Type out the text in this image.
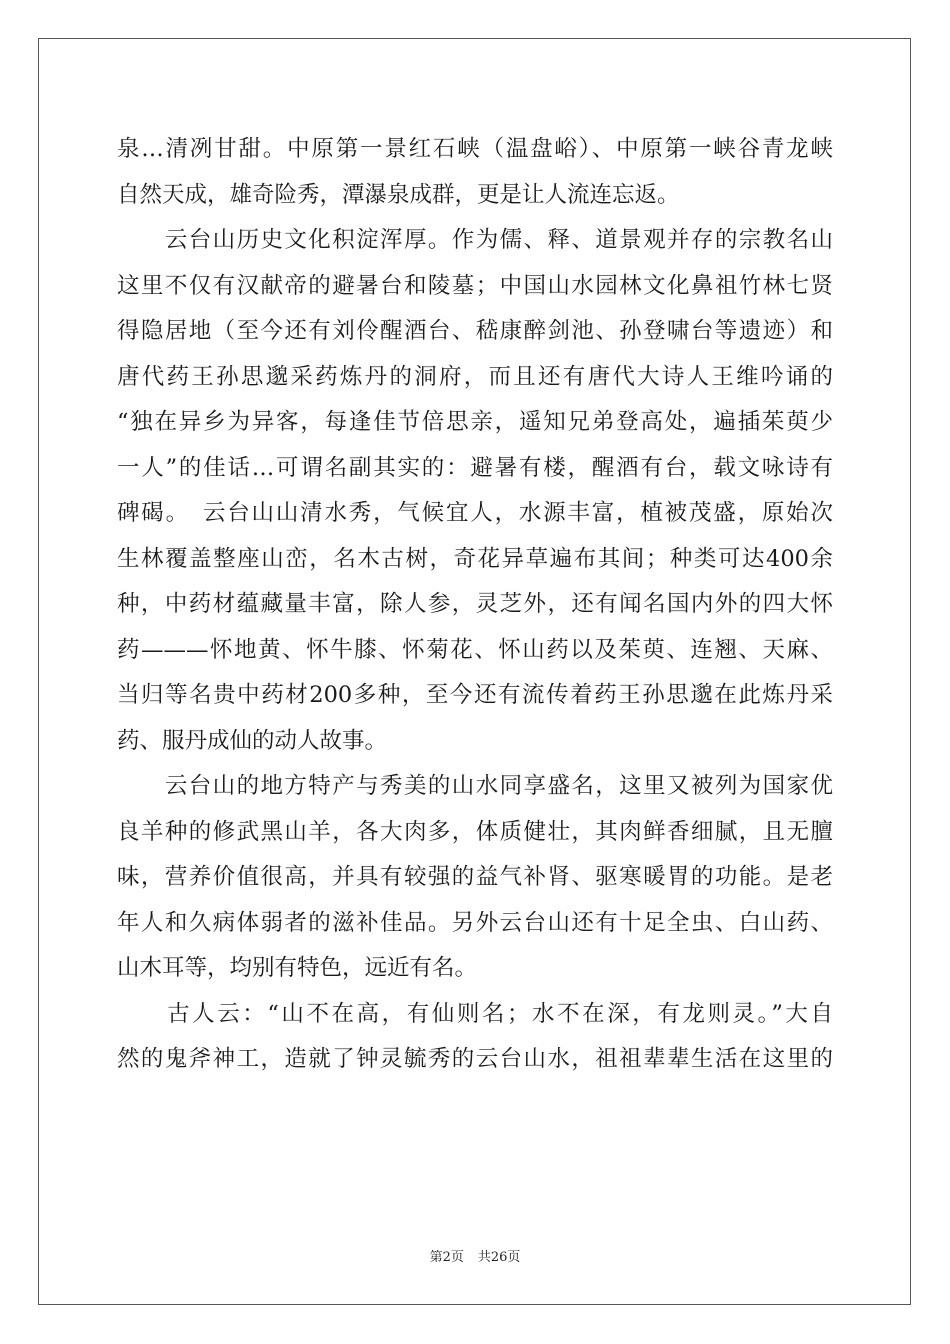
泉…清冽甘甜。中原第一景红石峡（温盘峪）、中原第一峡谷青龙峡
自然天成，雄奇险秀，潭瀑泉成群，更是让人流连忘返。
　　云台山历史文化积淀浑厚。作为儒、释、道景观并存的宗教名山
这里不仅有汉献帝的避暑台和陵墓；中国山水园林文化鼻祖竹林七贤
得隐居地（至今还有刘伶醒酒台、嵇康醉剑池、孙登啸台等遗迹）和
唐代药王孙思邈采药炼丹的洞府，而且还有唐代大诗人王维吟诵的
“独在异乡为异客，每逢佳节倍思亲，遥知兄弟登高处，遍插茱萸少
一人”的佳话…可谓名副其实的：避暑有楼，醒酒有台，载文咏诗有
碑碣。　云台山山清水秀，气候宜人，水源丰富，植被茂盛，原始次
生林覆盖整座山峦，名木古树，奇花异草遍布其间；种类可达400余
种，中药材蕴藏量丰富，除人参，灵芝外，还有闻名国内外的四大怀
药———怀地黄、怀牛膝、怀菊花、怀山药以及茱萸、连翘、天麻、
当归等名贵中药材200多种，至今还有流传着药王孙思邈在此炼丹采
药、服丹成仙的动人故事。
　　云台山的地方特产与秀美的山水同享盛名，这里又被列为国家优
良羊种的修武黑山羊，各大肉多，体质健壮，其肉鲜香细腻，且无膻
味，营养价值很高，并具有较强的益气补肾、驱寒暖胃的功能。是老
年人和久病体弱者的滋补佳品。另外云台山还有十足全虫、白山药、
山木耳等，均别有特色，远近有名。
　　古人云：“山不在高，有仙则名；水不在深，有龙则灵。”大自
然的鬼斧神工，造就了钟灵毓秀的云台山水，祖祖辈辈生活在这里的
第2页 共26页
